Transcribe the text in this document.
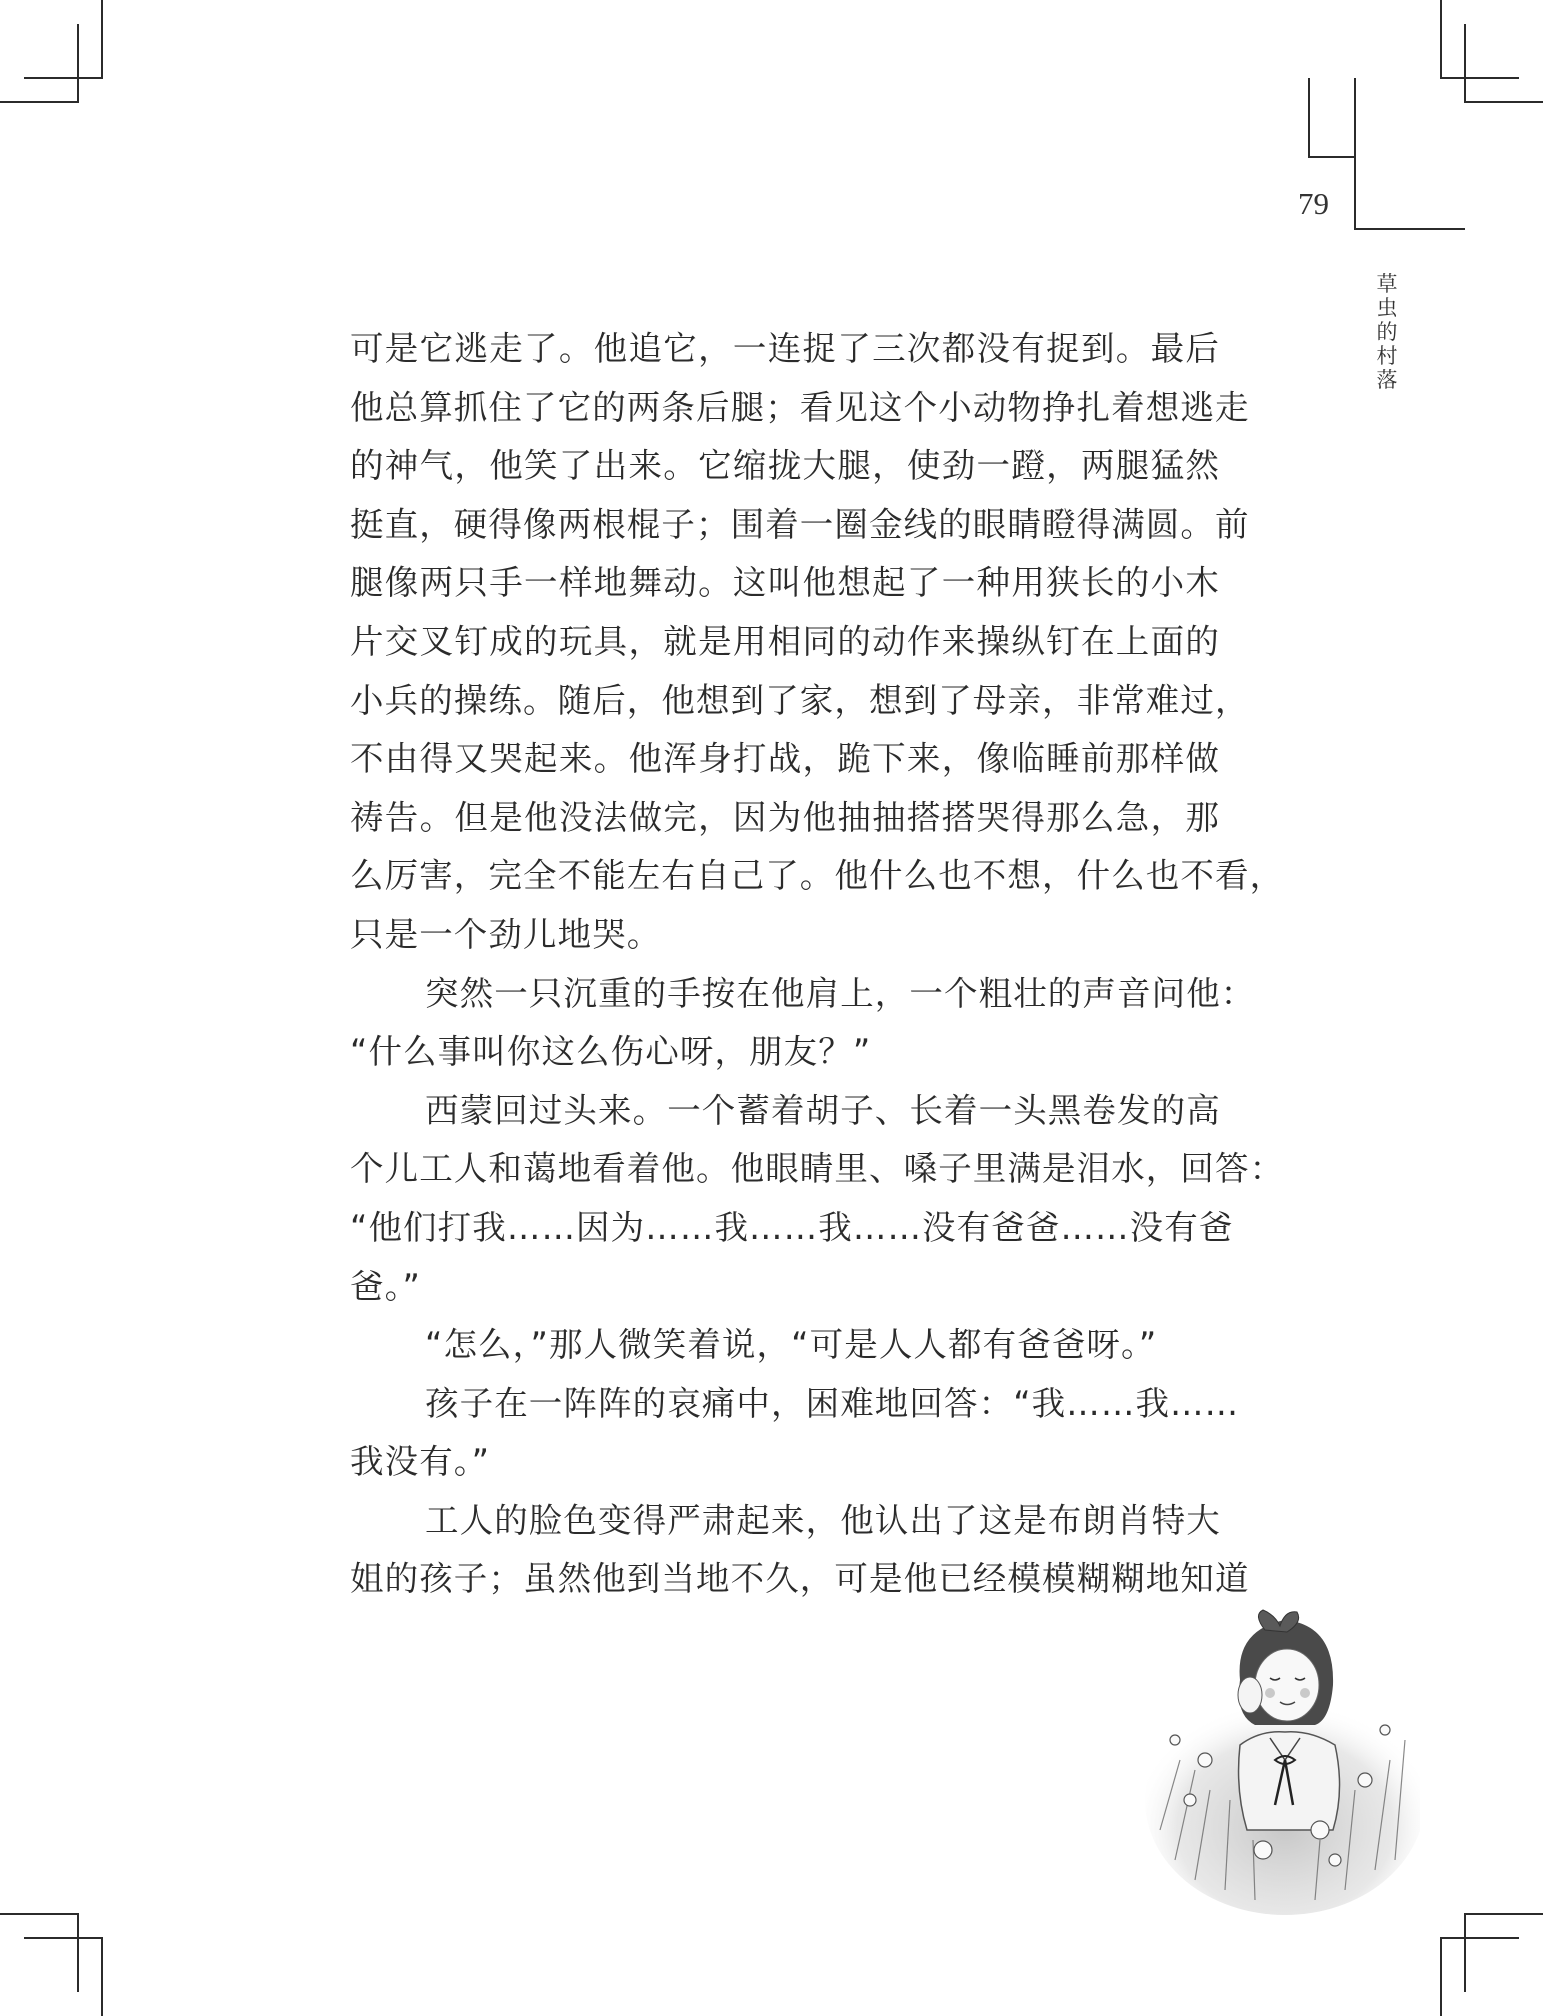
79
草
虫
的
村
落
可是它逃走了。他追它，一连捉了三次都没有捉到。最后
他总算抓住了它的两条后腿；看见这个小动物挣扎着想逃走
的神气，他笑了出来。它缩拢大腿，使劲一蹬，两腿猛然
挺直，硬得像两根棍子；围着一圈金线的眼睛瞪得满圆。前
腿像两只手一样地舞动。这叫他想起了一种用狭长的小木
片交叉钉成的玩具，就是用相同的动作来操纵钉在上面的
小兵的操练。随后，他想到了家，想到了母亲，非常难过，
不由得又哭起来。他浑身打战，跪下来，像临睡前那样做
祷告。但是他没法做完，因为他抽抽搭搭哭得那么急，那
么厉害，完全不能左右自己了。他什么也不想，什么也不看，
只是一个劲儿地哭。
突然一只沉重的手按在他肩上，一个粗壮的声音问他：
“什么事叫你这么伤心呀，朋友？”
西蒙回过头来。一个蓄着胡子、长着一头黑卷发的高
个儿工人和蔼地看着他。他眼睛里、嗓子里满是泪水，回答：
“他们打我……因为……我……我……没有爸爸……没有爸
爸。”
“怎么，”那人微笑着说，“可是人人都有爸爸呀。”
孩子在一阵阵的哀痛中，困难地回答：“我……我……
我没有。”
工人的脸色变得严肃起来，他认出了这是布朗肖特大
姐的孩子；虽然他到当地不久，可是他已经模模糊糊地知道
